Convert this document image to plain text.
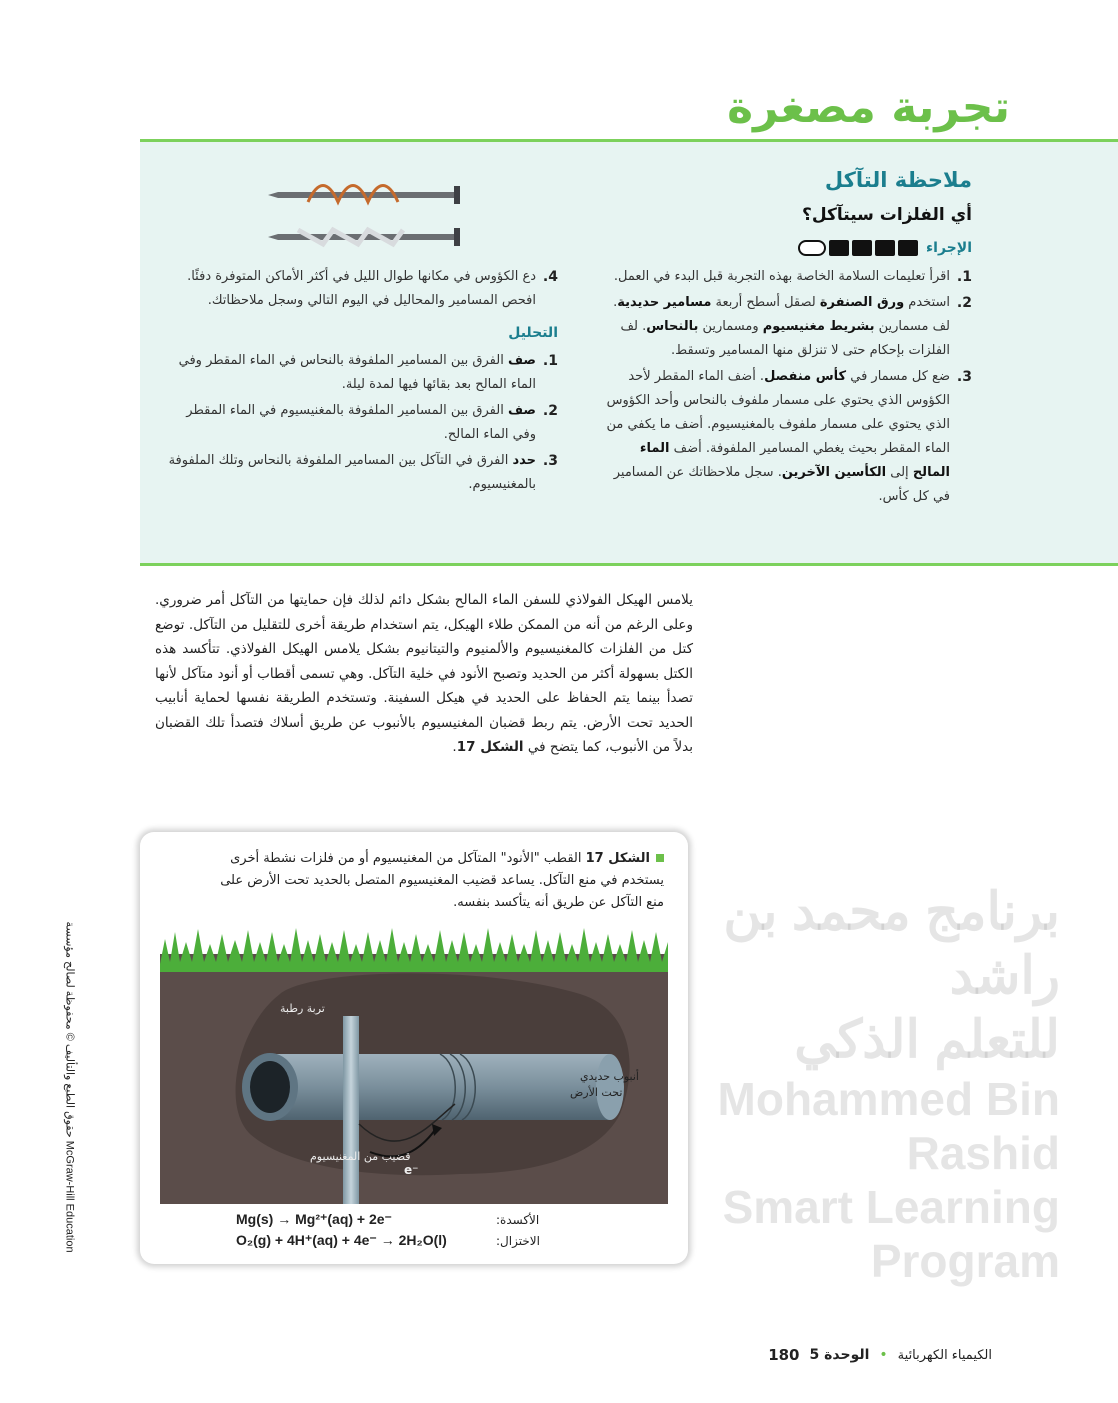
برنامج محمد بن راشد
للتعلم الذكي
Mohammed Bin Rashid
Smart Learning Program
تجربة مصغرة
ملاحظة التآكل
أي الفلزات سيتآكل؟
الإجراء
1.
اقرأ تعليمات السلامة الخاصة بهذه التجربة قبل البدء في العمل.
2.
استخدم ورق الصنفرة لصقل أسطح أربعة مسامير حديدية. لف مسمارين بشريط مغنيسيوم ومسمارين بالنحاس. لف الفلزات بإحكام حتى لا تنزلق منها المسامير وتسقط.
3.
ضع كل مسمار في كأس منفصل. أضف الماء المقطر لأحد الكؤوس الذي يحتوي على مسمار ملفوف بالنحاس وأحد الكؤوس الذي يحتوي على مسمار ملفوف بالمغنيسيوم. أضف ما يكفي من الماء المقطر بحيث يغطي المسامير الملفوفة. أضف الماء المالح إلى الكأسين الآخرين. سجل ملاحظاتك عن المسامير في كل كأس.
4.
دع الكؤوس في مكانها طوال الليل في أكثر الأماكن المتوفرة دفئًا. افحص المسامير والمحاليل في اليوم التالي وسجل ملاحظاتك.
التحليل
1.
صف الفرق بين المسامير الملفوفة بالنحاس في الماء المقطر وفي الماء المالح بعد بقائها فيها لمدة ليلة.
2.
صف الفرق بين المسامير الملفوفة بالمغنيسيوم في الماء المقطر وفي الماء المالح.
3.
حدد الفرق في التآكل بين المسامير الملفوفة بالنحاس وتلك الملفوفة بالمغنيسيوم.
يلامس الهيكل الفولاذي للسفن الماء المالح بشكل دائم لذلك فإن حمايتها من التآكل أمر ضروري. وعلى الرغم من أنه من الممكن طلاء الهيكل، يتم استخدام طريقة أخرى للتقليل من التآكل. توضع كتل من الفلزات كالمغنيسيوم والألمنيوم والتيتانيوم بشكل يلامس الهيكل الفولاذي. تتأكسد هذه الكتل بسهولة أكثر من الحديد وتصبح الأنود في خلية التآكل. وهي تسمى أقطاب أو أنود متآكل لأنها تصدأ بينما يتم الحفاظ على الحديد في هيكل السفينة. وتستخدم الطريقة نفسها لحماية أنابيب الحديد تحت الأرض. يتم ربط قضبان المغنيسيوم بالأنبوب عن طريق أسلاك فتصدأ تلك القضبان بدلاً من الأنبوب، كما يتضح في الشكل 17.
الشكل 17 القطب "الأنود" المتآكل من المغنيسيوم أو من فلزات نشطة أخرى يستخدم في منع التآكل. يساعد قضيب المغنيسيوم المتصل بالحديد تحت الأرض على منع التآكل عن طريق أنه يتأكسد بنفسه.
تربة رطبة
أنبوب حديدي
تحت الأرض
قضيب من المغنيسيوم
e⁻
Mg(s) → Mg²⁺(aq) + 2e⁻
O₂(g) + 4H⁺(aq) + 4e⁻ → 2H₂O(l)
الأكسدة:
الاختزال:
حقوق الطبع والتأليف © محفوظة لصالح مؤسسة McGraw-Hill Education
180 الوحدة 5 • الكيمياء الكهربائية
